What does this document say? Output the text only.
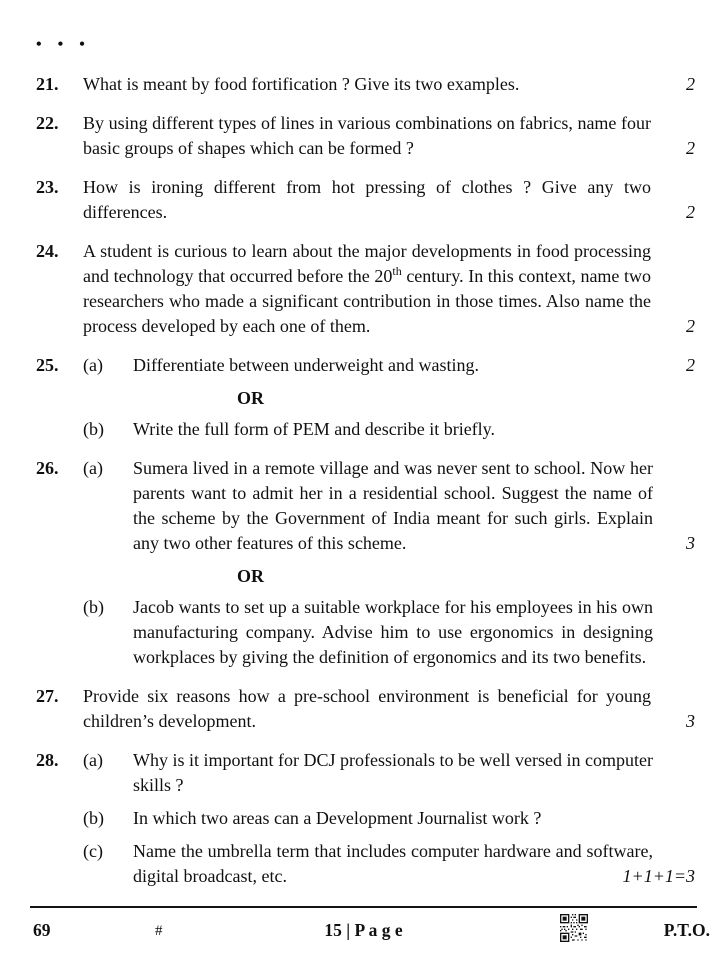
• • •
21.	What is meant by food fortification ? Give its two examples.	2
22.	By using different types of lines in various combinations on fabrics, name four basic groups of shapes which can be formed ?	2
23.	How is ironing different from hot pressing of clothes ? Give any two differences.	2
24.	A student is curious to learn about the major developments in food processing and technology that occurred before the 20th century. In this context, name two researchers who made a significant contribution in those times. Also name the process developed by each one of them.	2
25.	(a)	Differentiate between underweight and wasting.	2
OR
(b)	Write the full form of PEM and describe it briefly.

26.	(a)	Sumera lived in a remote village and was never sent to school. Now her parents want to admit her in a residential school. Suggest the name of the scheme by the Government of India meant for such girls. Explain any two other features of this scheme.	3
OR
(b)	Jacob wants to set up a suitable workplace for his employees in his own manufacturing company. Advise him to use ergonomics in designing workplaces by giving the definition of ergonomics and its two benefits.

27.	Provide six reasons how a pre-school environment is beneficial for young children’s development.	3
28.	(a)	Why is it important for DCJ professionals to be well versed in computer skills ?

(b)	In which two areas can a Development Journalist work ?

(c)	Name the umbrella term that includes computer hardware and software, digital broadcast, etc.	1+1+1=3
69	#	15 | P a g e	P.T.O.
